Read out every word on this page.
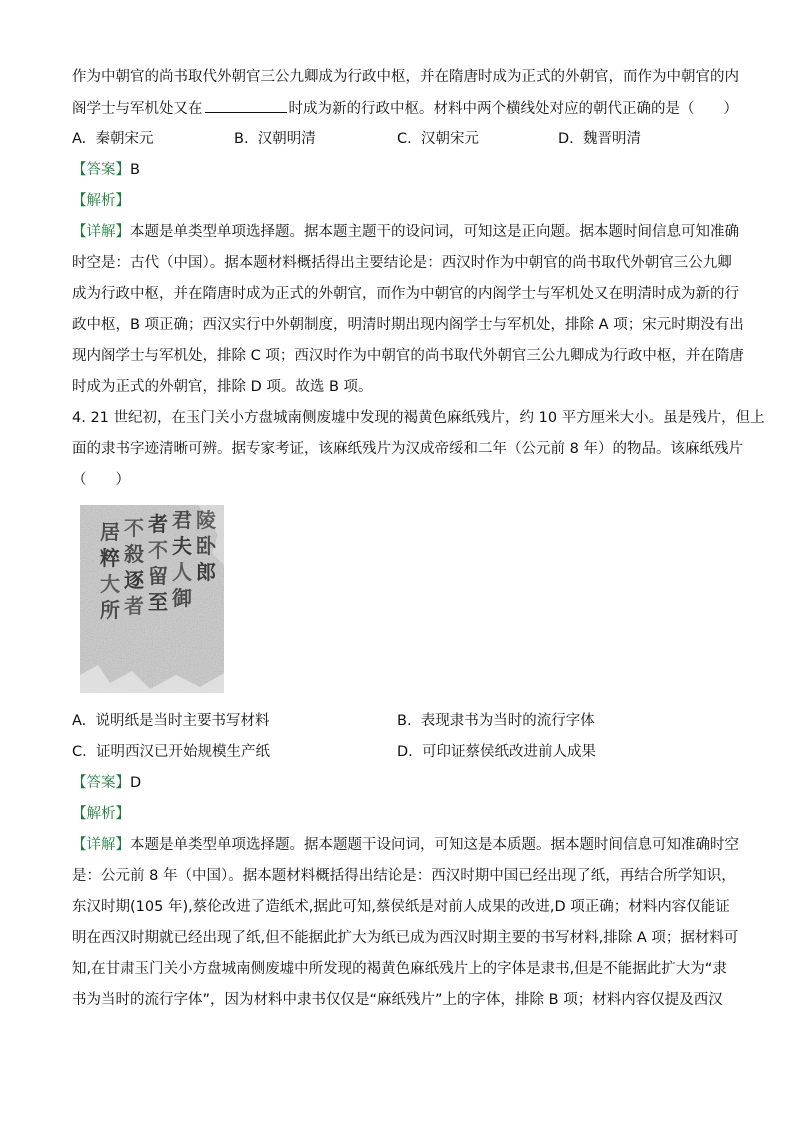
作为中朝官的尚书取代外朝官三公九卿成为行政中枢，并在隋唐时成为正式的外朝官，而作为中朝官的内
阁学士与军机处又在	时成为新的行政中枢。材料中两个横线处对应的朝代正确的是（　　）
A. 秦朝宋元	B. 汉朝明清	C. 汉朝宋元	D. 魏晋明清
【答案】B
【解析】
【详解】本题是单类型单项选择题。据本题主题干的设问词，可知这是正向题。据本题时间信息可知准确
时空是：古代（中国）。据本题材料概括得出主要结论是：西汉时作为中朝官的尚书取代外朝官三公九卿
成为行政中枢，并在隋唐时成为正式的外朝官，而作为中朝官的内阁学士与军机处又在明清时成为新的行
政中枢，B 项正确；西汉实行中外朝制度，明清时期出现内阁学士与军机处，排除 A 项；宋元时期没有出
现内阁学士与军机处，排除 C 项；西汉时作为中朝官的尚书取代外朝官三公九卿成为行政中枢，并在隋唐
时成为正式的外朝官，排除 D 项。故选 B 项。
4. 21 世纪初，在玉门关小方盘城南侧废墟中发现的褐黄色麻纸残片，约 10 平方厘米大小。虽是残片，但上
面的隶书字迹清晰可辨。据专家考证，该麻纸残片为汉成帝绥和二年（公元前 8 年）的物品。该麻纸残片
（　　）
陵
卧
郎
君
夫
人
御
者
不
留
至
不
殺
逐
者
居
粹
大
所
A. 说明纸是当时主要书写材料	B. 表现隶书为当时的流行字体
C. 证明西汉已开始规模生产纸	D. 可印证蔡侯纸改进前人成果
【答案】D
【解析】
【详解】本题是单类型单项选择题。据本题题干设问词，可知这是本质题。据本题时间信息可知准确时空
是：公元前 8 年（中国）。据本题材料概括得出结论是：西汉时期中国已经出现了纸，再结合所学知识，
东汉时期(105 年),蔡伦改进了造纸术,据此可知,蔡侯纸是对前人成果的改进,D 项正确；材料内容仅能证
明在西汉时期就已经出现了纸,但不能据此扩大为纸已成为西汉时期主要的书写材料,排除 A 项；据材料可
知,在甘肃玉门关小方盘城南侧废墟中所发现的褐黄色麻纸残片上的字体是隶书,但是不能据此扩大为“隶
书为当时的流行字体”，因为材料中隶书仅仅是“麻纸残片”上的字体，排除 B 项；材料内容仅提及西汉
